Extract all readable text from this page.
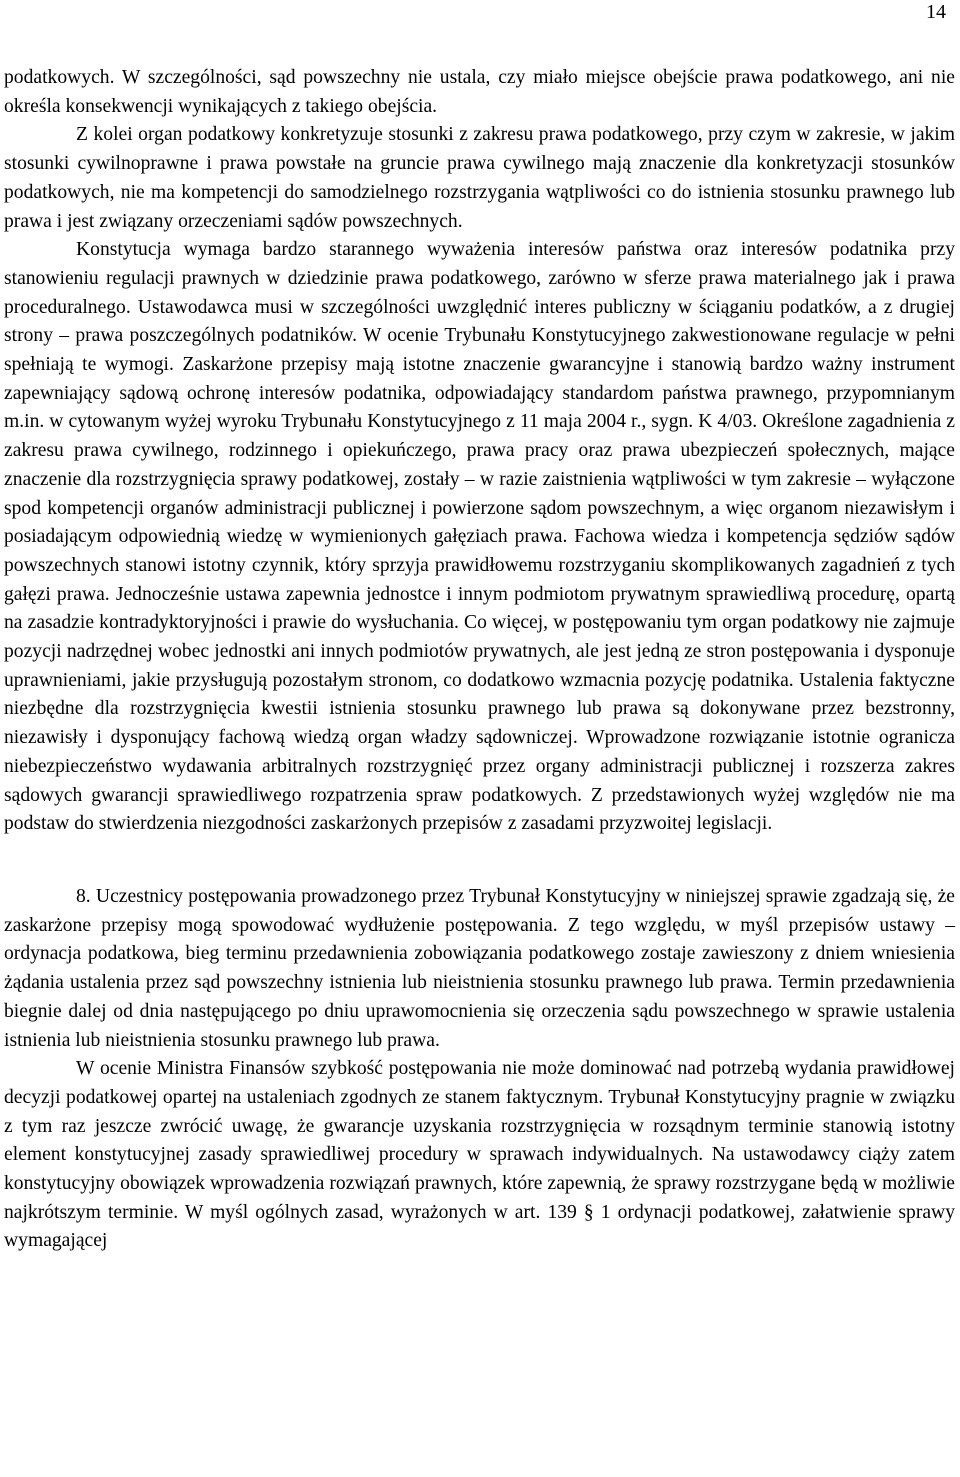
14

podatkowych. W szczególności, sąd powszechny nie ustala, czy miało miejsce obejście prawa podatkowego, ani nie określa konsekwencji wynikających z takiego obejścia.

Z kolei organ podatkowy konkretyzuje stosunki z zakresu prawa podatkowego, przy czym w zakresie, w jakim stosunki cywilnoprawne i prawa powstałe na gruncie prawa cywilnego mają znaczenie dla konkretyzacji stosunków podatkowych, nie ma kompetencji do samodzielnego rozstrzygania wątpliwości co do istnienia stosunku prawnego lub prawa i jest związany orzeczeniami sądów powszechnych.

Konstytucja wymaga bardzo starannego wyważenia interesów państwa oraz interesów podatnika przy stanowieniu regulacji prawnych w dziedzinie prawa podatkowego, zarówno w sferze prawa materialnego jak i prawa proceduralnego. Ustawodawca musi w szczególności uwzględnić interes publiczny w ściąganiu podatków, a z drugiej strony – prawa poszczególnych podatników. W ocenie Trybunału Konstytucyjnego zakwestionowane regulacje w pełni spełniają te wymogi. Zaskarżone przepisy mają istotne znaczenie gwarancyjne i stanowią bardzo ważny instrument zapewniający sądową ochronę interesów podatnika, odpowiadający standardom państwa prawnego, przypomnianym m.in. w cytowanym wyżej wyroku Trybunału Konstytucyjnego z 11 maja 2004 r., sygn. K 4/03. Określone zagadnienia z zakresu prawa cywilnego, rodzinnego i opiekuńczego, prawa pracy oraz prawa ubezpieczeń społecznych, mające znaczenie dla rozstrzygnięcia sprawy podatkowej, zostały – w razie zaistnienia wątpliwości w tym zakresie – wyłączone spod kompetencji organów administracji publicznej i powierzone sądom powszechnym, a więc organom niezawisłym i posiadającym odpowiednią wiedzę w wymienionych gałęziach prawa. Fachowa wiedza i kompetencja sędziów sądów powszechnych stanowi istotny czynnik, który sprzyja prawidłowemu rozstrzyganiu skomplikowanych zagadnień z tych gałęzi prawa. Jednocześnie ustawa zapewnia jednostce i innym podmiotom prywatnym sprawiedliwą procedurę, opartą na zasadzie kontradyktoryjności i prawie do wysłuchania. Co więcej, w postępowaniu tym organ podatkowy nie zajmuje pozycji nadrzędnej wobec jednostki ani innych podmiotów prywatnych, ale jest jedną ze stron postępowania i dysponuje uprawnieniami, jakie przysługują pozostałym stronom, co dodatkowo wzmacnia pozycję podatnika. Ustalenia faktyczne niezbędne dla rozstrzygnięcia kwestii istnienia stosunku prawnego lub prawa są dokonywane przez bezstronny, niezawisły i dysponujący fachową wiedzą organ władzy sądowniczej. Wprowadzone rozwiązanie istotnie ogranicza niebezpieczeństwo wydawania arbitralnych rozstrzygnięć przez organy administracji publicznej i rozszerza zakres sądowych gwarancji sprawiedliwego rozpatrzenia spraw podatkowych. Z przedstawionych wyżej względów nie ma podstaw do stwierdzenia niezgodności zaskarżonych przepisów z zasadami przyzwoitej legislacji.

8. Uczestnicy postępowania prowadzonego przez Trybunał Konstytucyjny w niniejszej sprawie zgadzają się, że zaskarżone przepisy mogą spowodować wydłużenie postępowania. Z tego względu, w myśl przepisów ustawy – ordynacja podatkowa, bieg terminu przedawnienia zobowiązania podatkowego zostaje zawieszony z dniem wniesienia żądania ustalenia przez sąd powszechny istnienia lub nieistnienia stosunku prawnego lub prawa. Termin przedawnienia biegnie dalej od dnia następującego po dniu uprawomocnienia się orzeczenia sądu powszechnego w sprawie ustalenia istnienia lub nieistnienia stosunku prawnego lub prawa.

W ocenie Ministra Finansów szybkość postępowania nie może dominować nad potrzebą wydania prawidłowej decyzji podatkowej opartej na ustaleniach zgodnych ze stanem faktycznym. Trybunał Konstytucyjny pragnie w związku z tym raz jeszcze zwrócić uwagę, że gwarancje uzyskania rozstrzygnięcia w rozsądnym terminie stanowią istotny element konstytucyjnej zasady sprawiedliwej procedury w sprawach indywidualnych. Na ustawodawcy ciąży zatem konstytucyjny obowiązek wprowadzenia rozwiązań prawnych, które zapewnią, że sprawy rozstrzygane będą w możliwie najkrótszym terminie. W myśl ogólnych zasad, wyrażonych w art. 139 § 1 ordynacji podatkowej, załatwienie sprawy wymagającej
